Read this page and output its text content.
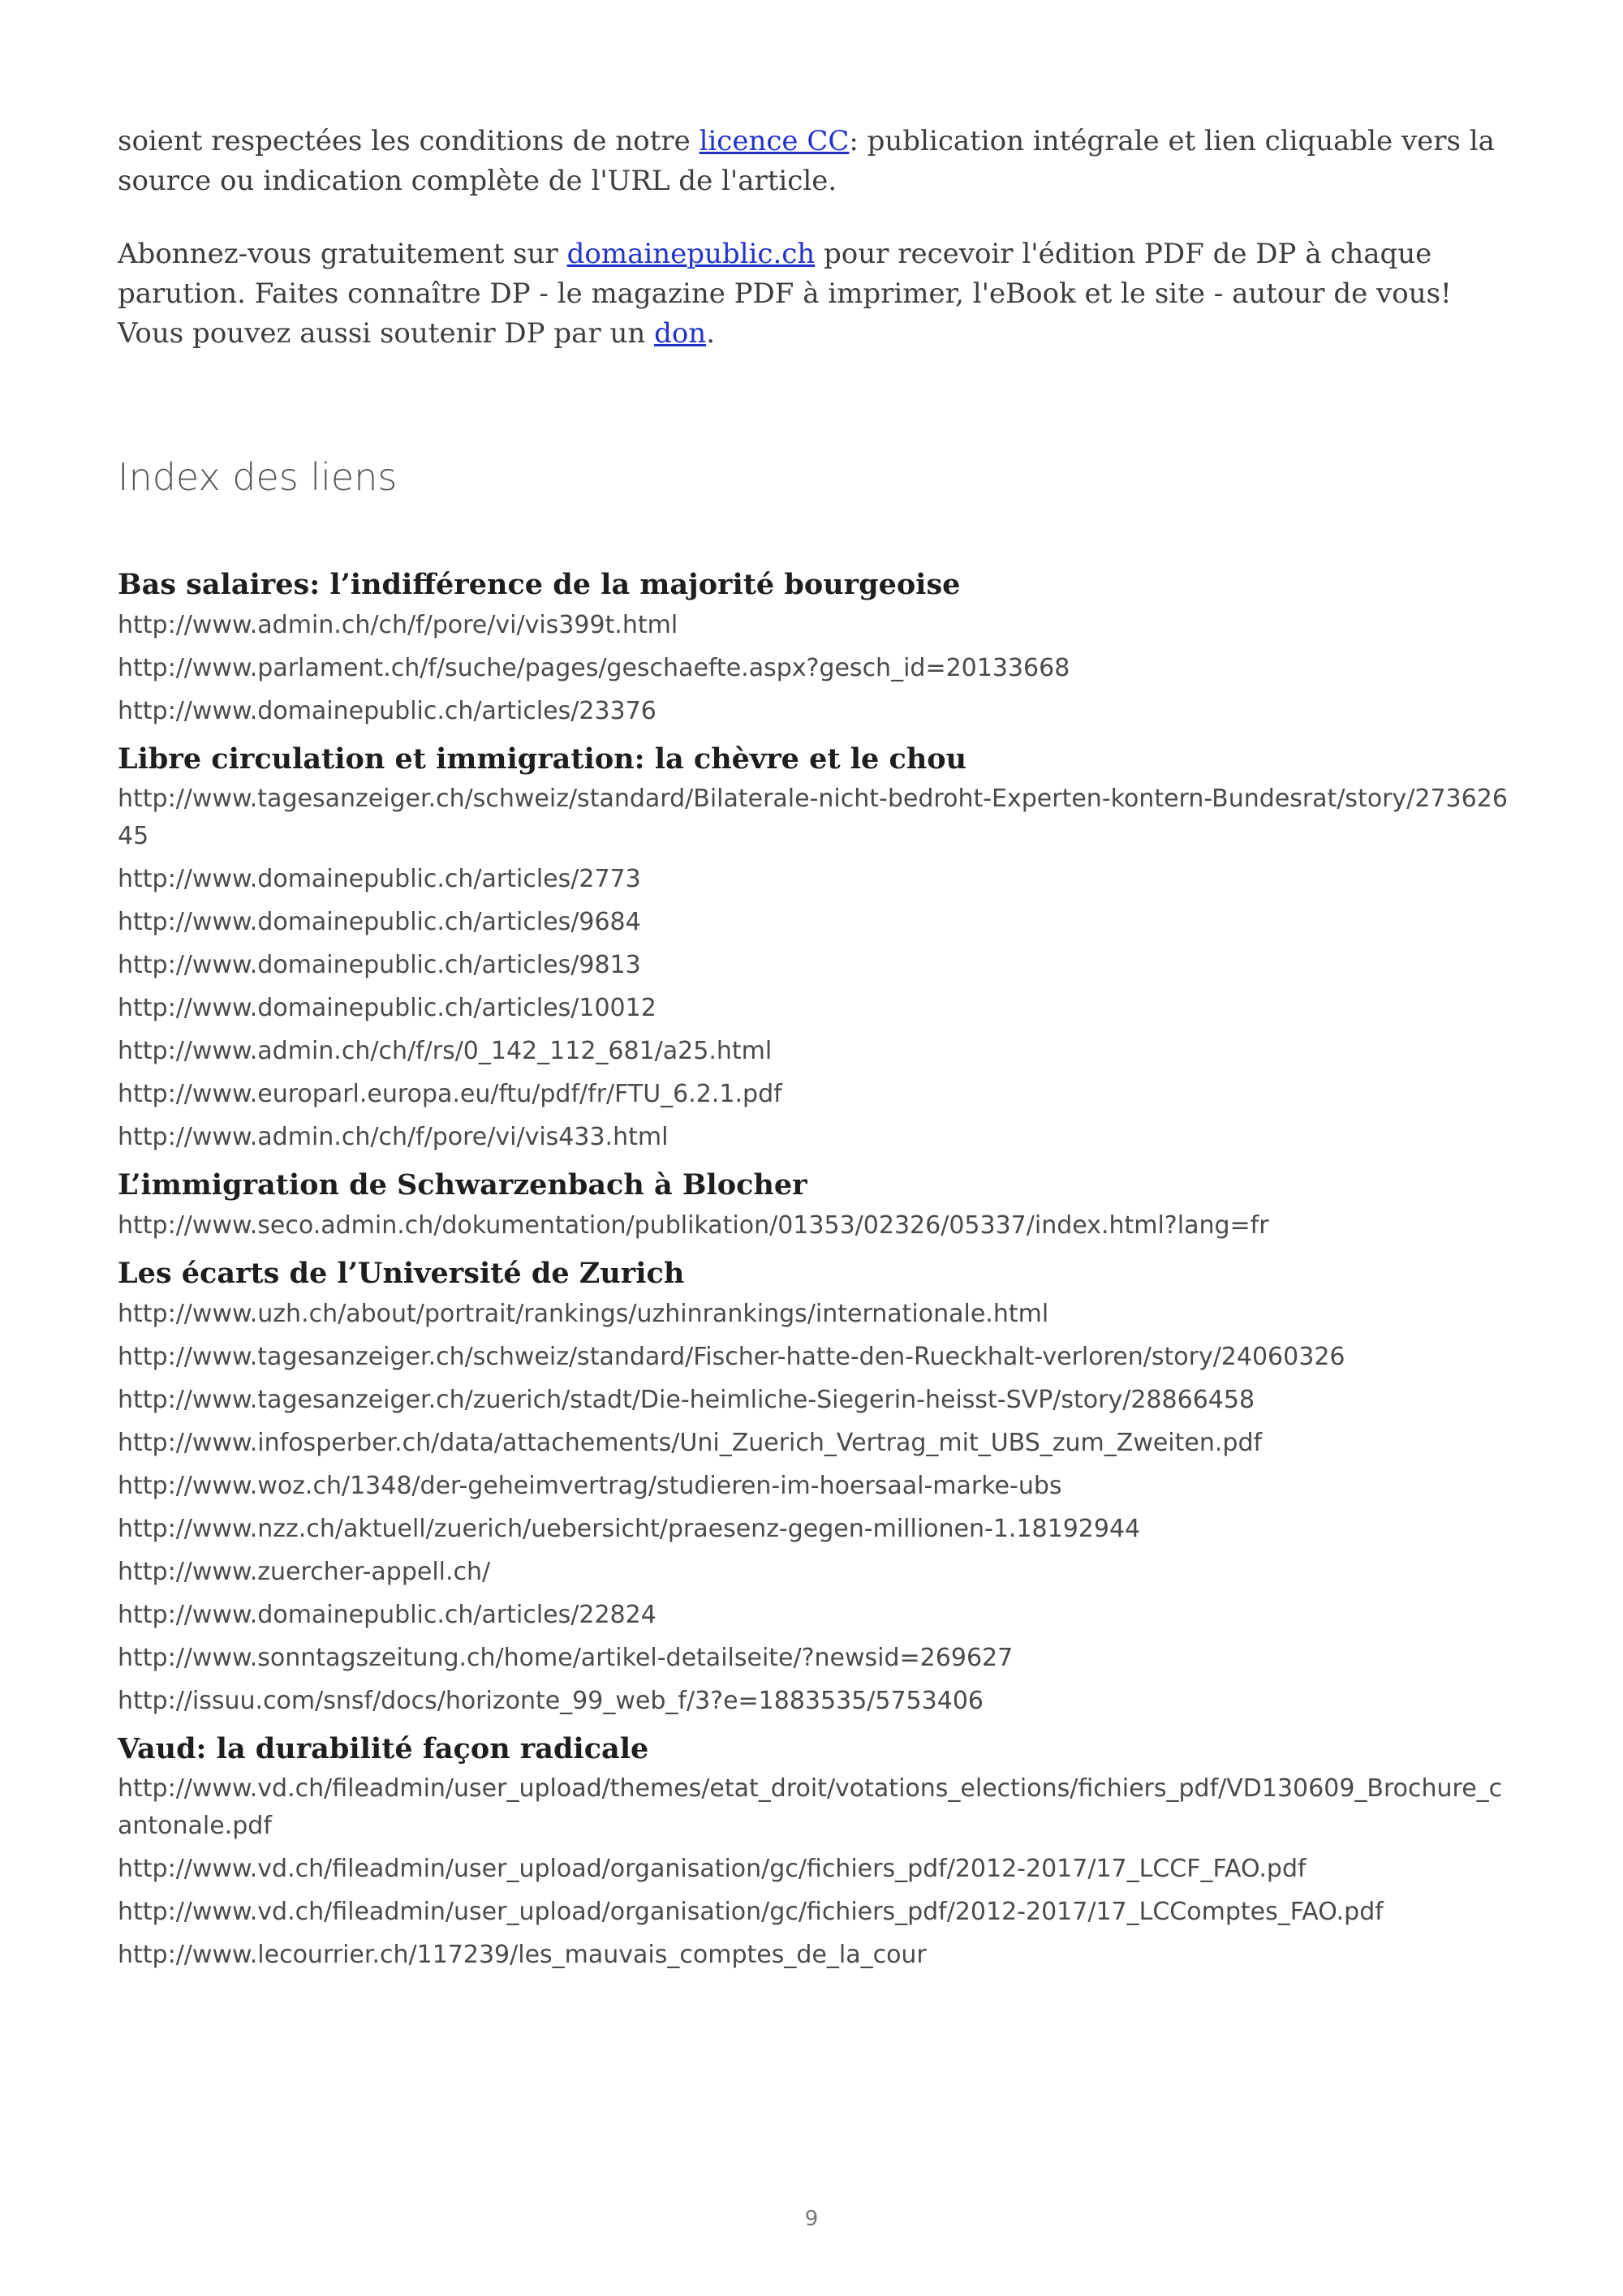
soient respectées les conditions de notre licence CC: publication intégrale et lien cliquable vers la source ou indication complète de l'URL de l'article.

Abonnez-vous gratuitement sur domainepublic.ch pour recevoir l'édition PDF de DP à chaque parution. Faites connaître DP - le magazine PDF à imprimer, l'eBook et le site - autour de vous! Vous pouvez aussi soutenir DP par un don.

Index des liens
Bas salaires: l’indifférence de la majorité bourgeoise
http://www.admin.ch/ch/f/pore/vi/vis399t.html
http://www.parlament.ch/f/suche/pages/geschaefte.aspx?gesch_id=20133668
http://www.domainepublic.ch/articles/23376
Libre circulation et immigration: la chèvre et le chou
http://www.tagesanzeiger.ch/schweiz/standard/Bilaterale-nicht-bedroht-Experten-kontern-Bundesrat/story/27362645
http://www.domainepublic.ch/articles/2773
http://www.domainepublic.ch/articles/9684
http://www.domainepublic.ch/articles/9813
http://www.domainepublic.ch/articles/10012
http://www.admin.ch/ch/f/rs/0_142_112_681/a25.html
http://www.europarl.europa.eu/ftu/pdf/fr/FTU_6.2.1.pdf
http://www.admin.ch/ch/f/pore/vi/vis433.html
L’immigration de Schwarzenbach à Blocher
http://www.seco.admin.ch/dokumentation/publikation/01353/02326/05337/index.html?lang=fr
Les écarts de l’Université de Zurich
http://www.uzh.ch/about/portrait/rankings/uzhinrankings/internationale.html
http://www.tagesanzeiger.ch/schweiz/standard/Fischer-hatte-den-Rueckhalt-verloren/story/24060326
http://www.tagesanzeiger.ch/zuerich/stadt/Die-heimliche-Siegerin-heisst-SVP/story/28866458
http://www.infosperber.ch/data/attachements/Uni_Zuerich_Vertrag_mit_UBS_zum_Zweiten.pdf
http://www.woz.ch/1348/der-geheimvertrag/studieren-im-hoersaal-marke-ubs
http://www.nzz.ch/aktuell/zuerich/uebersicht/praesenz-gegen-millionen-1.18192944
http://www.zuercher-appell.ch/
http://www.domainepublic.ch/articles/22824
http://www.sonntagszeitung.ch/home/artikel-detailseite/?newsid=269627
http://issuu.com/snsf/docs/horizonte_99_web_f/3?e=1883535/5753406
Vaud: la durabilité façon radicale
http://www.vd.ch/fileadmin/user_upload/themes/etat_droit/votations_elections/fichiers_pdf/VD130609_Brochure_cantonale.pdf
http://www.vd.ch/fileadmin/user_upload/organisation/gc/fichiers_pdf/2012-2017/17_LCCF_FAO.pdf
http://www.vd.ch/fileadmin/user_upload/organisation/gc/fichiers_pdf/2012-2017/17_LCComptes_FAO.pdf
http://www.lecourrier.ch/117239/les_mauvais_comptes_de_la_cour
9
